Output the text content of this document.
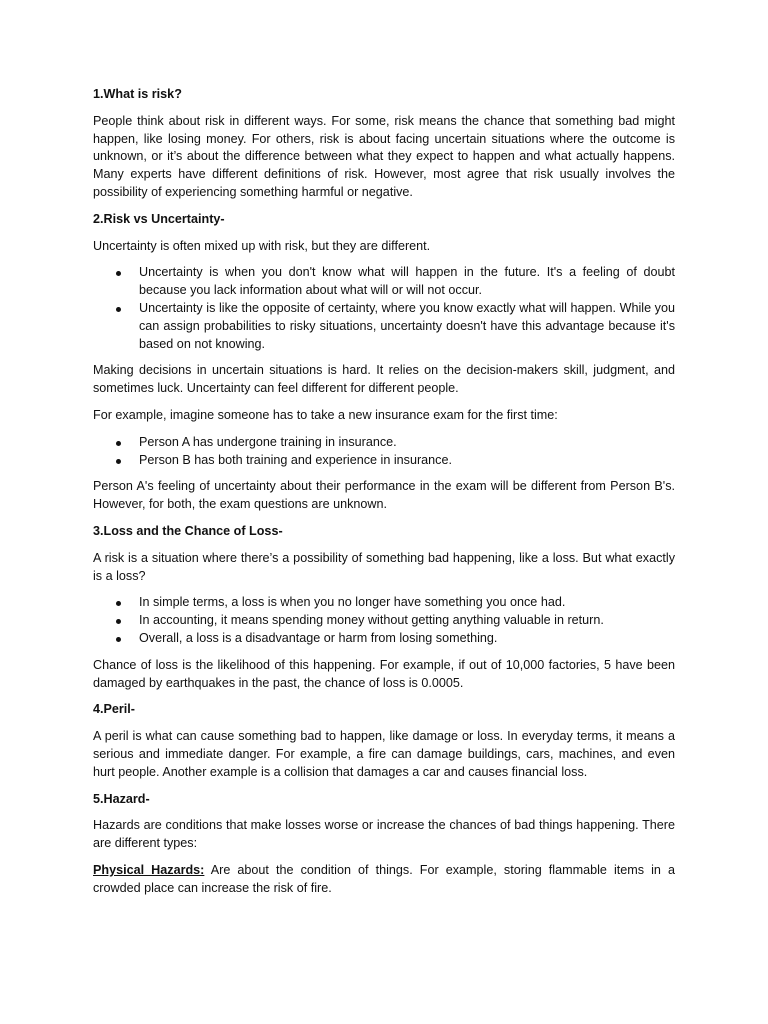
1.What is risk?
People think about risk in different ways. For some, risk means the chance that something bad might happen, like losing money. For others, risk is about facing uncertain situations where the outcome is unknown, or it’s about the difference between what they expect to happen and what actually happens. Many experts have different definitions of risk. However, most agree that risk usually involves the possibility of experiencing something harmful or negative.
2.Risk vs Uncertainty-
Uncertainty is often mixed up with risk, but they are different.
Uncertainty is when you don't know what will happen in the future. It's a feeling of doubt because you lack information about what will or will not occur.
Uncertainty is like the opposite of certainty, where you know exactly what will happen. While you can assign probabilities to risky situations, uncertainty doesn't have this advantage because it's based on not knowing.
Making decisions in uncertain situations is hard. It relies on the decision-makers skill, judgment, and sometimes luck. Uncertainty can feel different for different people.
For example, imagine someone has to take a new insurance exam for the first time:
Person A has undergone training in insurance.
Person B has both training and experience in insurance.
Person A's feeling of uncertainty about their performance in the exam will be different from Person B's. However, for both, the exam questions are unknown.
3.Loss and the Chance of Loss-
A risk is a situation where there’s a possibility of something bad happening, like a loss. But what exactly is a loss?
In simple terms, a loss is when you no longer have something you once had.
In accounting, it means spending money without getting anything valuable in return.
Overall, a loss is a disadvantage or harm from losing something.
Chance of loss is the likelihood of this happening. For example, if out of 10,000 factories, 5 have been damaged by earthquakes in the past, the chance of loss is 0.0005.
4.Peril-
A peril is what can cause something bad to happen, like damage or loss. In everyday terms, it means a serious and immediate danger. For example, a fire can damage buildings, cars, machines, and even hurt people. Another example is a collision that damages a car and causes financial loss.
5.Hazard-
Hazards are conditions that make losses worse or increase the chances of bad things happening. There are different types:
Physical Hazards: Are about the condition of things. For example, storing flammable items in a crowded place can increase the risk of fire.
